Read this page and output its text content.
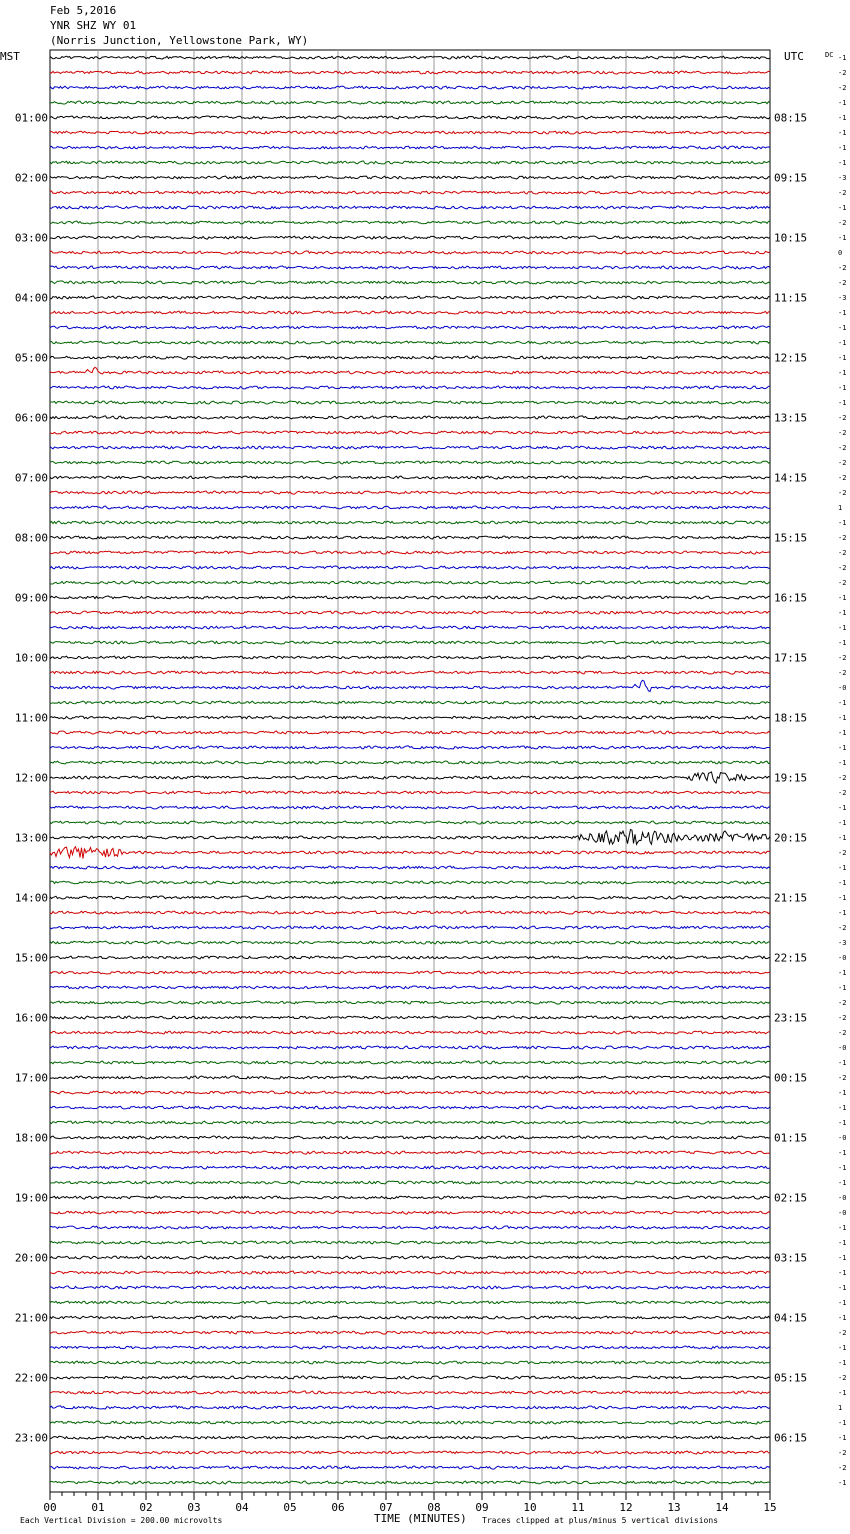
Feb 5,2016
YNR SHZ WY 01
(Norris Junction, Yellowstone Park, WY)
MST	UTC	DC
TIME (MINUTES)
Each Vertical Division = 200.00 microvolts	Traces clipped at plus/minus 5 vertical divisions
00	01	02	03	04	05	06	07	08	09	10	11	12	13	14	15
-1
-2
-2
-1
-1
-1
-1
-1
-3
-2
-1
-2
-1
0
-2
-2
-3
-1
-1
-1
-1
-1
-1
-1
-2
-2
-2
-2
-2
-2
1
-1
-2
-2
-2
-2
-1
-1
-1
-1
-2
-2
-0
-1
-1
-1
-1
-1
-2
-2
-1
-1
-1
-2
-1
-1
-1
-1
-2
-3
-0
-1
-1
-2
-2
-2
-0
-1
-2
-1
-1
-1
-0
-1
-1
-1
-0
-0
-1
-1
-1
-1
-1
-1
-1
-2
-1
-1
-2
-1
1
-1
-1
-2
-2
-1
01:00
02:00
03:00
04:00
05:00
06:00
07:00
08:00
09:00
10:00
11:00
12:00
13:00
14:00
15:00
16:00
17:00
18:00
19:00
20:00
21:00
22:00
23:00
08:15
09:15
10:15
11:15
12:15
13:15
14:15
15:15
16:15
17:15
18:15
19:15
20:15
21:15
22:15
23:15
00:15
01:15
02:15
03:15
04:15
05:15
06:15
